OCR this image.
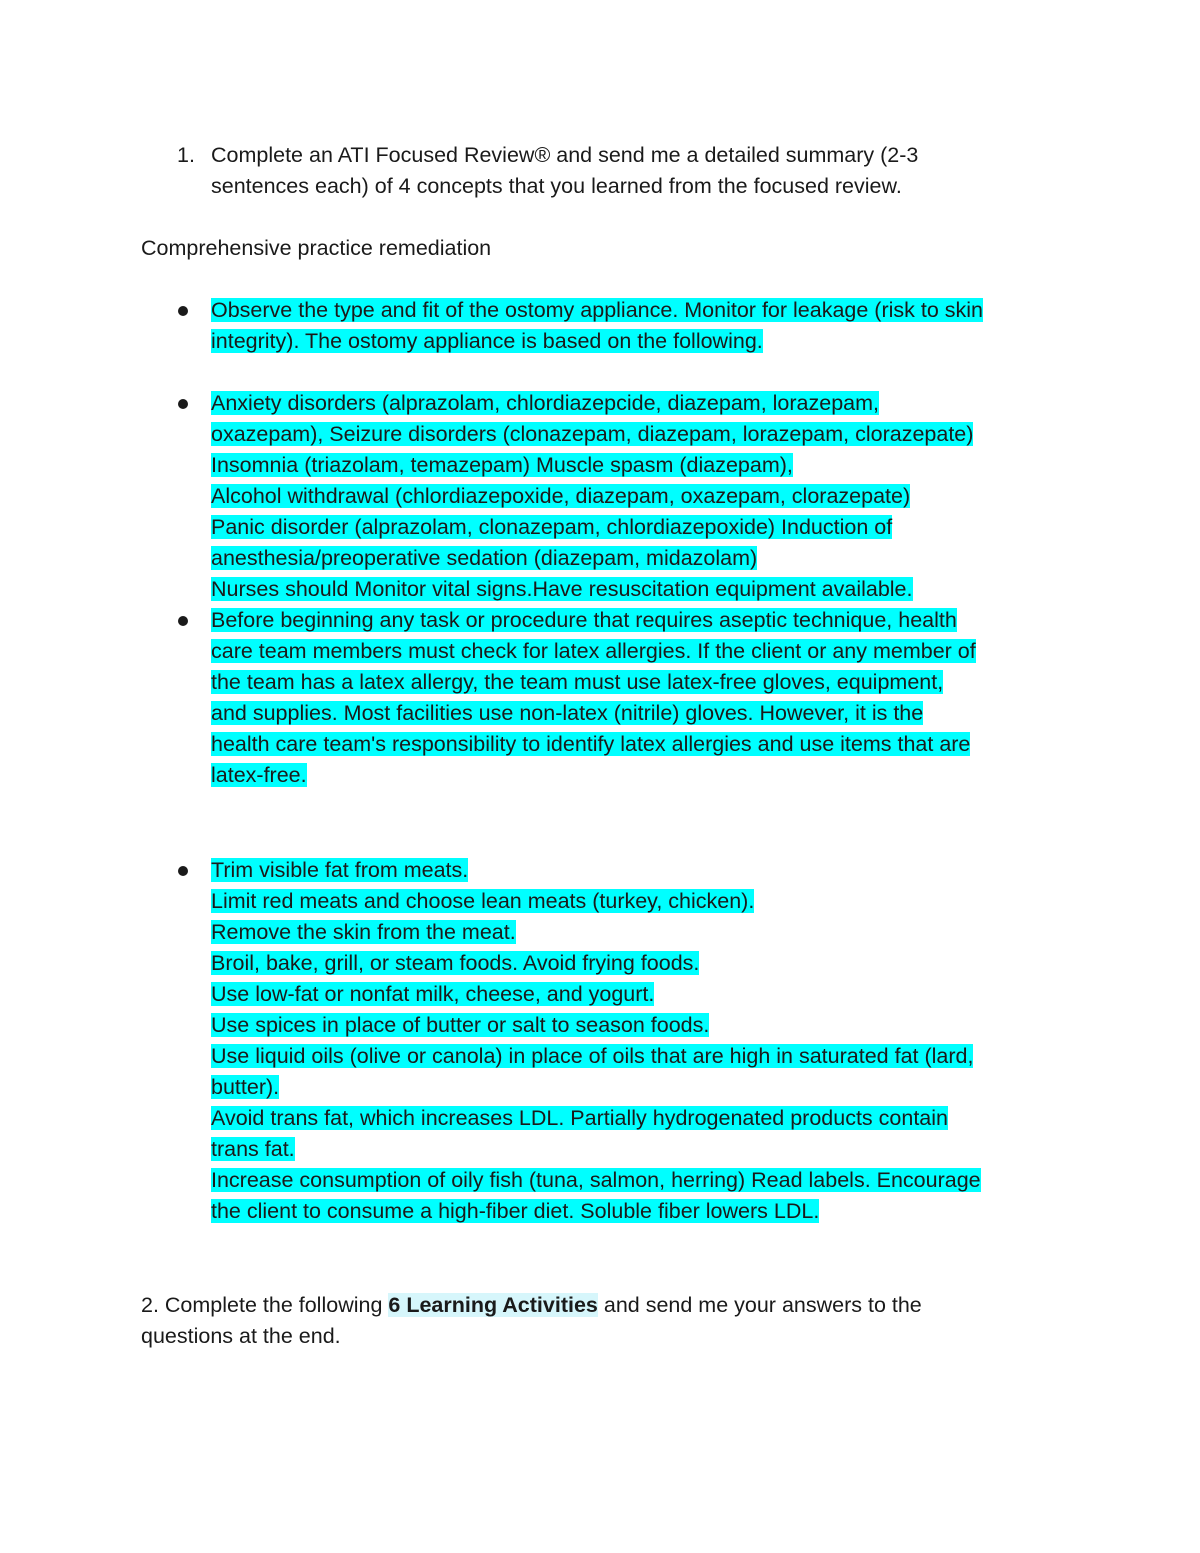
1. Complete an ATI Focused Review® and send me a detailed summary (2-3
sentences each) of 4 concepts that you learned from the focused review.
Comprehensive practice remediation
Observe the type and fit of the ostomy appliance. Monitor for leakage (risk to skin
integrity). The ostomy appliance is based on the following.
Anxiety disorders (alprazolam, chlordiazepcide, diazepam, lorazepam,
oxazepam), Seizure disorders (clonazepam, diazepam, lorazepam, clorazepate)
Insomnia (triazolam, temazepam) Muscle spasm (diazepam),
Alcohol withdrawal (chlordiazepoxide, diazepam, oxazepam, clorazepate)
Panic disorder (alprazolam, clonazepam, chlordiazepoxide) Induction of
anesthesia/preoperative sedation (diazepam, midazolam)
Nurses should Monitor vital signs.Have resuscitation equipment available.
Before beginning any task or procedure that requires aseptic technique, health
care team members must check for latex allergies. If the client or any member of
the team has a latex allergy, the team must use latex-free gloves, equipment,
and supplies. Most facilities use non-latex (nitrile) gloves. However, it is the
health care team's responsibility to identify latex allergies and use items that are
latex-free.
Trim visible fat from meats.
Limit red meats and choose lean meats (turkey, chicken).
Remove the skin from the meat.
Broil, bake, grill, or steam foods. Avoid frying foods.
Use low-fat or nonfat milk, cheese, and yogurt.
Use spices in place of butter or salt to season foods.
Use liquid oils (olive or canola) in place of oils that are high in saturated fat (lard,
butter).
Avoid trans fat, which increases LDL. Partially hydrogenated products contain
trans fat.
Increase consumption of oily fish (tuna, salmon, herring) Read labels. Encourage
the client to consume a high-fiber diet. Soluble fiber lowers LDL.
2. Complete the following 6 Learning Activities and send me your answers to the
questions at the end.
